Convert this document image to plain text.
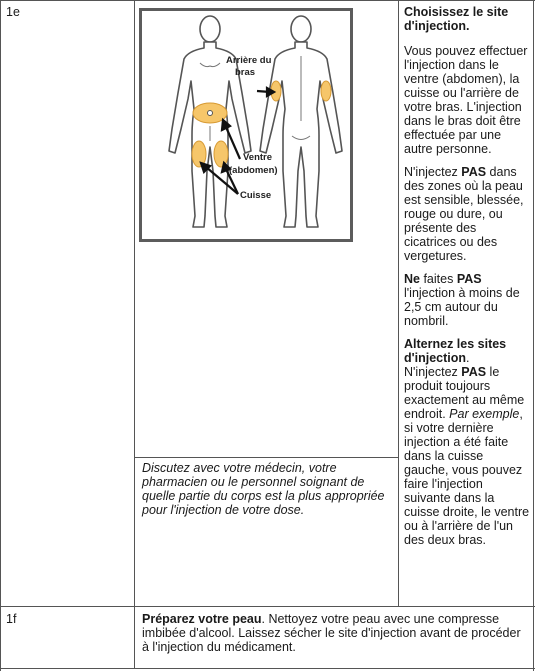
1e
1f
Arrière du
bras
Ventre
(abdomen)
Cuisse

Choisissez le site d'injection.

Vous pouvez effectuer l'injection dans le ventre (abdomen), la cuisse ou l'arrière de votre bras. L'injection dans le bras doit être effectuée par une autre personne.

N'injectez PAS dans des zones où la peau est sensible, blessée, rouge ou dure, ou présente des cicatrices ou des vergetures.

Ne faites PAS l'injection à moins de 2,5 cm autour du nombril.

Alternez les sites d'injection.
N'injectez PAS le produit toujours exactement au même endroit. Par exemple, si votre dernière injection a été faite dans la cuisse gauche, vous pouvez faire l'injection suivante dans la cuisse droite, le ventre ou à l'arrière de l'un des deux bras.

Discutez avec votre médecin, votre pharmacien ou le personnel soignant de quelle partie du corps est la plus appropriée pour l'injection de votre dose.
Préparez votre peau. Nettoyez votre peau avec une compresse imbibée d'alcool. Laissez sécher le site d'injection avant de procéder à l'injection du médicament.
